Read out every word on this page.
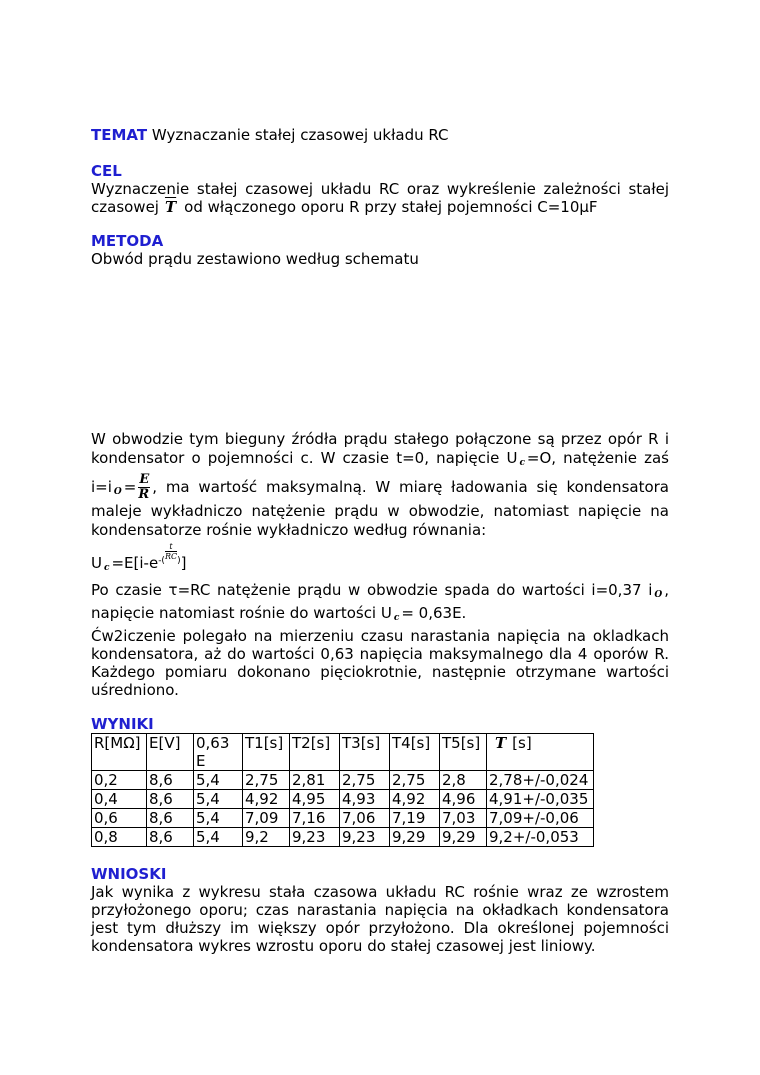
TEMAT Wyznaczanie stałej czasowej układu RC

CEL

Wyznaczenie stałej czasowej układu RC oraz wykreślenie zależności stałej czasowej $\overline{T}$ od włączonego oporu R przy stałej pojemności C=10µF

METODA

Obwód prądu zestawiono według schematu

W obwodzie tym bieguny źródła prądu stałego połączone są przez opór R i kondensator o pojemności c. W czasie t=0, napięcie U $_c$ =O, natężenie zaś i=i $_O = \frac{E}{R}$ , ma wartość maksymalną. W miarę ładowania się kondensatora maleje wykładniczo natężenie prądu w obwodzie, natomiast napięcie na kondensatorze rośnie wykładniczo według równania:

U $_c =E[i-e^{-( \frac{t}{RC})}]$

Po czasie τ=RC natężenie prądu w obwodzie spada do wartości i=0,37 i $_O$ , napięcie natomiast rośnie do wartości U $_c$ = 0,63E.

Ćw2iczenie polegało na mierzeniu czasu narastania napięcia na okladkach kondensatora, aż do wartości 0,63 napięcia maksymalnego dla 4 oporów R. Każdego pomiaru dokonano pięciokrotnie, następnie otrzymane wartości uśredniono.

WYNIKI

R[MΩ]	E[V]	0,63 E	T1[s]	T2[s]	T3[s]	T4[s]	T5[s]	$\overline{T}$ [s]
0,2	8,6	5,4	2,75	2,81	2,75	2,75	2,8	2,78+/-0,024
0,4	8,6	5,4	4,92	4,95	4,93	4,92	4,96	4,91+/-0,035
0,6	8,6	5,4	7,09	7,16	7,06	7,19	7,03	7,09+/-0,06
0,8	8,6	5,4	9,2	9,23	9,23	9,29	9,29	9,2+/-0,053

WNIOSKI

Jak wynika z wykresu stała czasowa układu RC rośnie wraz ze wzrostem przyłożonego oporu; czas narastania napięcia na okładkach kondensatora jest tym dłuższy im większy opór przyłożono. Dla określonej pojemności kondensatora wykres wzrostu oporu do stałej czasowej jest liniowy.
